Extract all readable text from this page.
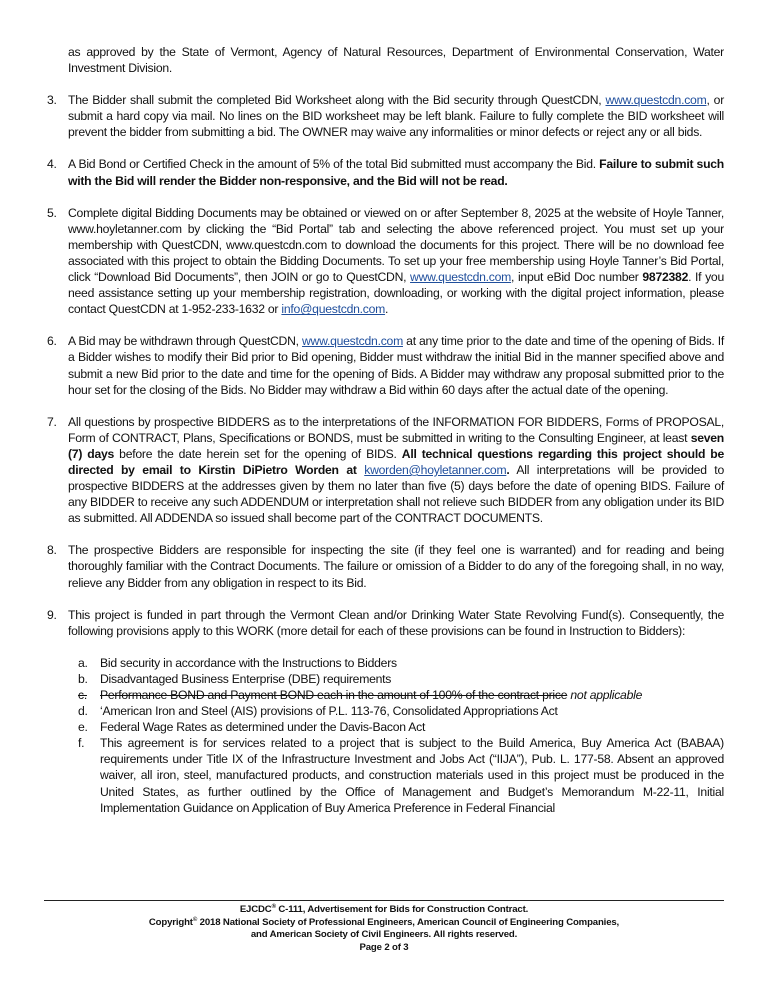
as approved by the State of Vermont, Agency of Natural Resources, Department of Environmental Conservation, Water Investment Division.
3. The Bidder shall submit the completed Bid Worksheet along with the Bid security through QuestCDN, www.questcdn.com, or submit a hard copy via mail. No lines on the BID worksheet may be left blank. Failure to fully complete the BID worksheet will prevent the bidder from submitting a bid. The OWNER may waive any informalities or minor defects or reject any or all bids.
4. A Bid Bond or Certified Check in the amount of 5% of the total Bid submitted must accompany the Bid. Failure to submit such with the Bid will render the Bidder non-responsive, and the Bid will not be read.
5. Complete digital Bidding Documents may be obtained or viewed on or after September 8, 2025 at the website of Hoyle Tanner, www.hoyletanner.com by clicking the “Bid Portal” tab and selecting the above referenced project. You must set up your membership with QuestCDN, www.questcdn.com to download the documents for this project. There will be no download fee associated with this project to obtain the Bidding Documents. To set up your free membership using Hoyle Tanner’s Bid Portal, click “Download Bid Documents”, then JOIN or go to QuestCDN, www.questcdn.com, input eBid Doc number 9872382. If you need assistance setting up your membership registration, downloading, or working with the digital project information, please contact QuestCDN at 1-952-233-1632 or info@questcdn.com.
6. A Bid may be withdrawn through QuestCDN, www.questcdn.com at any time prior to the date and time of the opening of Bids. If a Bidder wishes to modify their Bid prior to Bid opening, Bidder must withdraw the initial Bid in the manner specified above and submit a new Bid prior to the date and time for the opening of Bids. A Bidder may withdraw any proposal submitted prior to the hour set for the closing of the Bids. No Bidder may withdraw a Bid within 60 days after the actual date of the opening.
7. All questions by prospective BIDDERS as to the interpretations of the INFORMATION FOR BIDDERS, Forms of PROPOSAL, Form of CONTRACT, Plans, Specifications or BONDS, must be submitted in writing to the Consulting Engineer, at least seven (7) days before the date herein set for the opening of BIDS. All technical questions regarding this project should be directed by email to Kirstin DiPietro Worden at kworden@hoyletanner.com. All interpretations will be provided to prospective BIDDERS at the addresses given by them no later than five (5) days before the date of opening BIDS. Failure of any BIDDER to receive any such ADDENDUM or interpretation shall not relieve such BIDDER from any obligation under its BID as submitted. All ADDENDA so issued shall become part of the CONTRACT DOCUMENTS.
8. The prospective Bidders are responsible for inspecting the site (if they feel one is warranted) and for reading and being thoroughly familiar with the Contract Documents. The failure or omission of a Bidder to do any of the foregoing shall, in no way, relieve any Bidder from any obligation in respect to its Bid.
9. This project is funded in part through the Vermont Clean and/or Drinking Water State Revolving Fund(s). Consequently, the following provisions apply to this WORK (more detail for each of these provisions can be found in Instruction to Bidders):
a. Bid security in accordance with the Instructions to Bidders
b. Disadvantaged Business Enterprise (DBE) requirements
c. Performance BOND and Payment BOND each in the amount of 100% of the contract price not applicable
d. ‘American Iron and Steel (AIS) provisions of P.L. 113-76, Consolidated Appropriations Act
e. Federal Wage Rates as determined under the Davis-Bacon Act
f. This agreement is for services related to a project that is subject to the Build America, Buy America Act (BABAA) requirements under Title IX of the Infrastructure Investment and Jobs Act (“IIJA”), Pub. L. 177-58. Absent an approved waiver, all iron, steel, manufactured products, and construction materials used in this project must be produced in the United States, as further outlined by the Office of Management and Budget’s Memorandum M-22-11, Initial Implementation Guidance on Application of Buy America Preference in Federal Financial
EJCDC® C-111, Advertisement for Bids for Construction Contract.
Copyright© 2018 National Society of Professional Engineers, American Council of Engineering Companies,
and American Society of Civil Engineers. All rights reserved.
Page 2 of 3
